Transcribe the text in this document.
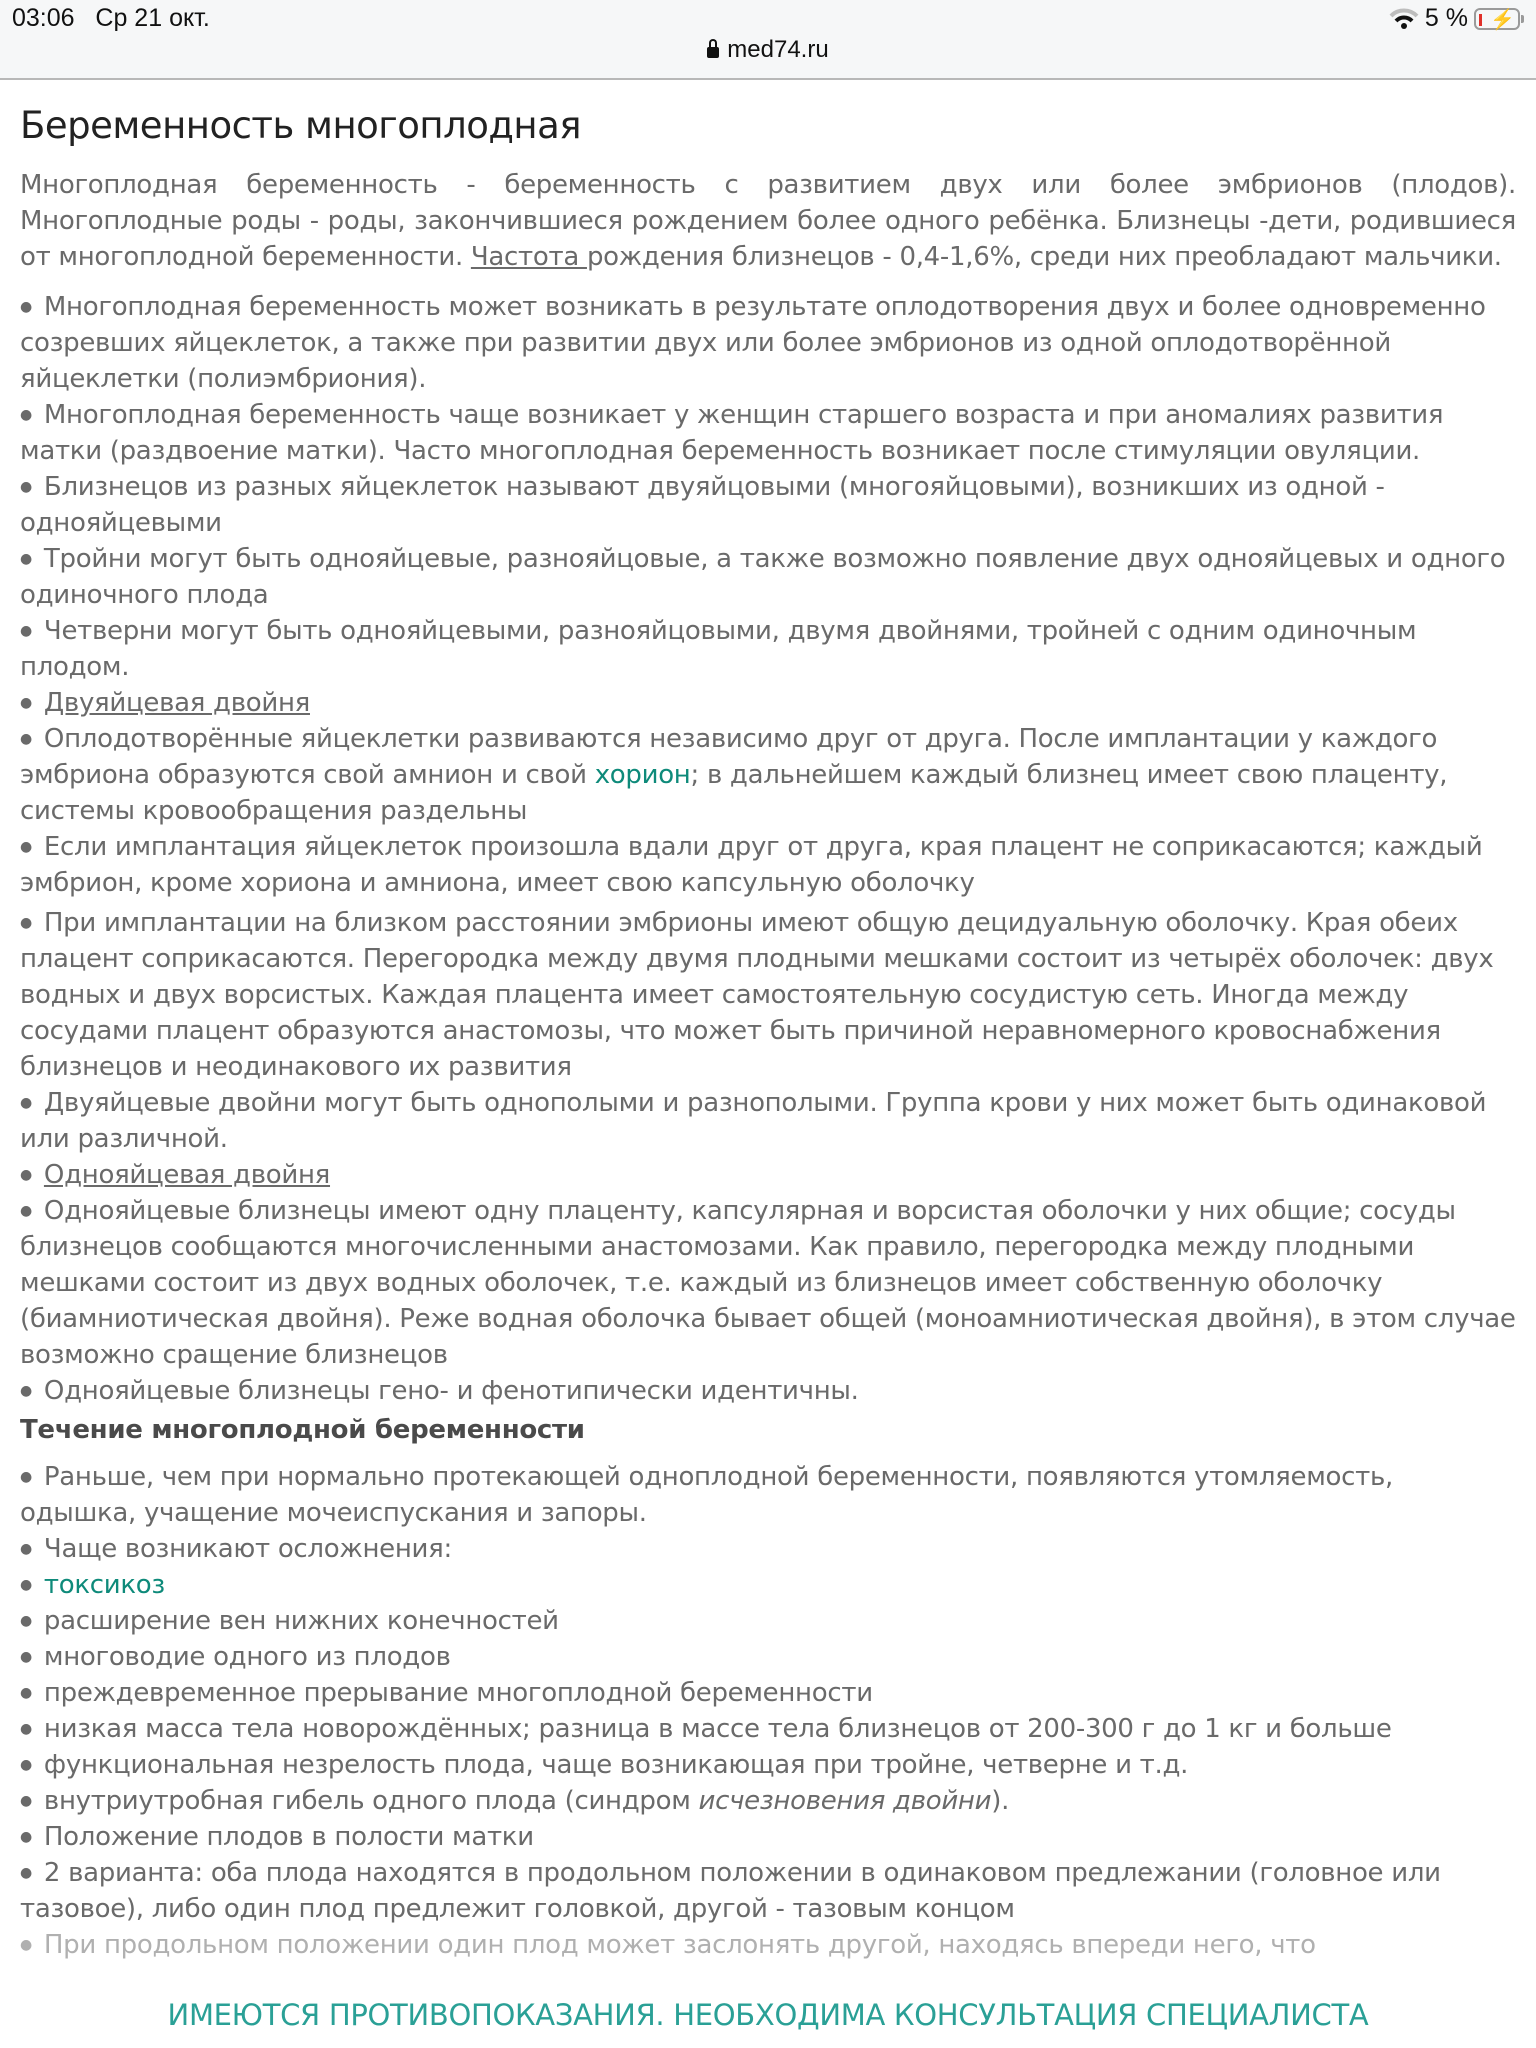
03:06 Ср 21 окт.	5 % ⚡
med74.ru
Беременность многоплодная

Многоплодная беременность - беременность с развитием двух или более эмбрионов (плодов). Многоплодные роды - роды, закончившиеся рождением более одного ребёнка. Близнецы -дети, родившиеся от многоплодной беременности. Частота рождения близнецов - 0,4-1,6%, среди них преобладают мальчики.

● Многоплодная беременность может возникать в результате оплодотворения двух и более одновременно созревших яйцеклеток, а также при развитии двух или более эмбрионов из одной оплодотворённой яйцеклетки (полиэмбриония).
● Многоплодная беременность чаще возникает у женщин старшего возраста и при аномалиях развития матки (раздвоение матки). Часто многоплодная беременность возникает после стимуляции овуляции.
● Близнецов из разных яйцеклеток называют двуяйцовыми (многояйцовыми), возникших из одной - однояйцевыми
● Тройни могут быть однояйцевые, разнояйцовые, а также возможно появление двух однояйцевых и одного одиночного плода
● Четверни могут быть однояйцевыми, разнояйцовыми, двумя двойнями, тройней с одним одиночным плодом.
● Двуяйцевая двойня
● Оплодотворённые яйцеклетки развиваются независимо друг от друга. После имплантации у каждого эмбриона образуются свой амнион и свой хорион; в дальнейшем каждый близнец имеет свою плаценту, системы кровообращения раздельны
● Если имплантация яйцеклеток произошла вдали друг от друга, края плацент не соприкасаются; каждый эмбрион, кроме хориона и амниона, имеет свою капсульную оболочку
● При имплантации на близком расстоянии эмбрионы имеют общую децидуальную оболочку. Края обеих плацент соприкасаются. Перегородка между двумя плодными мешками состоит из четырёх оболочек: двух водных и двух ворсистых. Каждая плацента имеет самостоятельную сосудистую сеть. Иногда между сосудами плацент образуются анастомозы, что может быть причиной неравномерного кровоснабжения близнецов и неодинакового их развития
● Двуяйцевые двойни могут быть однополыми и разнополыми. Группа крови у них может быть одинаковой или различной.
● Однояйцевая двойня
● Однояйцевые близнецы имеют одну плаценту, капсулярная и ворсистая оболочки у них общие; сосуды близнецов сообщаются многочисленными анастомозами. Как правило, перегородка между плодными мешками состоит из двух водных оболочек, т.е. каждый из близнецов имеет собственную оболочку (биамниотическая двойня). Реже водная оболочка бывает общей (моноамниотическая двойня), в этом случае возможно сращение близнецов
● Однояйцевые близнецы гено- и фенотипически идентичны.
Течение многоплодной беременности
● Раньше, чем при нормально протекающей одноплодной беременности, появляются утомляемость, одышка, учащение мочеиспускания и запоры.
● Чаще возникают осложнения:
● токсикоз
● расширение вен нижних конечностей
● многоводие одного из плодов
● преждевременное прерывание многоплодной беременности
● низкая масса тела новорождённых; разница в массе тела близнецов от 200-300 г до 1 кг и больше
● функциональная незрелость плода, чаще возникающая при тройне, четверне и т.д.
● внутриутробная гибель одного плода (синдром исчезновения двойни).
● Положение плодов в полости матки
● 2 варианта: оба плода находятся в продольном положении в одинаковом предлежании (головное или тазовое), либо один плод предлежит головкой, другой - тазовым концом
● При продольном положении один плод может заслонять другой, находясь впереди него, что
ИМЕЮТСЯ ПРОТИВОПОКАЗАНИЯ. НЕОБХОДИМА КОНСУЛЬТАЦИЯ СПЕЦИАЛИСТА
